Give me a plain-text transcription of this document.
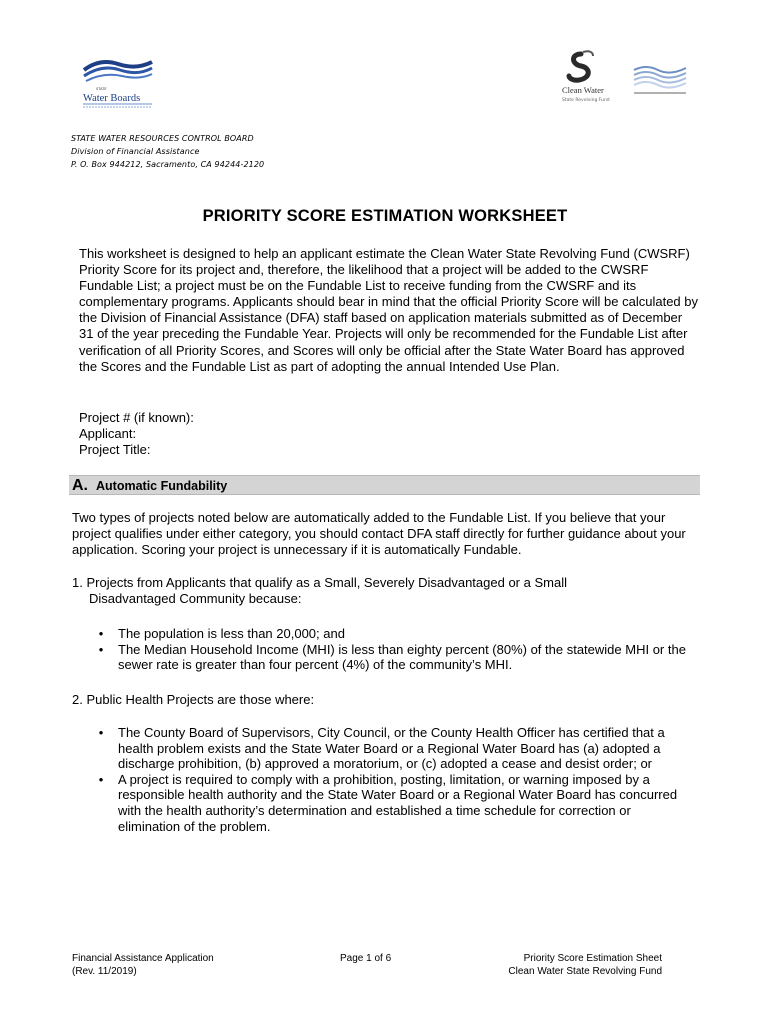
STATE
Water Boards
Clean Water
State Revolving Fund
STATE WATER RESOURCES CONTROL BOARD
Division of Financial Assistance
P. O. Box 944212, Sacramento, CA 94244-2120
PRIORITY SCORE ESTIMATION WORKSHEET
This worksheet is designed to help an applicant estimate the Clean Water State Revolving Fund (CWSRF) Priority Score for its project and, therefore, the likelihood that a project will be added to the CWSRF Fundable List; a project must be on the Fundable List to receive funding from the CWSRF and its complementary programs. Applicants should bear in mind that the official Priority Score will be calculated by the Division of Financial Assistance (DFA) staff based on application materials submitted as of December 31 of the year preceding the Fundable Year. Projects will only be recommended for the Fundable List after verification of all Priority Scores, and Scores will only be official after the State Water Board has approved the Scores and the Fundable List as part of adopting the annual Intended Use Plan.
Project # (if known):
Applicant:
Project Title:
A. Automatic Fundability
Two types of projects noted below are automatically added to the Fundable List. If you believe that your project qualifies under either category, you should contact DFA staff directly for further guidance about your application. Scoring your project is unnecessary if it is automatically Fundable.
1. Projects from Applicants that qualify as a Small, Severely Disadvantaged or a Small
Disadvantaged Community because:
• The population is less than 20,000; and
• The Median Household Income (MHI) is less than eighty percent (80%) of the statewide MHI or the sewer rate is greater than four percent (4%) of the community’s MHI.
2. Public Health Projects are those where:
• The County Board of Supervisors, City Council, or the County Health Officer has certified that a health problem exists and the State Water Board or a Regional Water Board has (a) adopted a discharge prohibition, (b) approved a moratorium, or (c) adopted a cease and desist order; or
• A project is required to comply with a prohibition, posting, limitation, or warning imposed by a responsible health authority and the State Water Board or a Regional Water Board has concurred with the health authority’s determination and established a time schedule for correction or elimination of the problem.
Financial Assistance Application
(Rev. 11/2019)
Page 1 of 6	Priority Score Estimation Sheet
Clean Water State Revolving Fund
